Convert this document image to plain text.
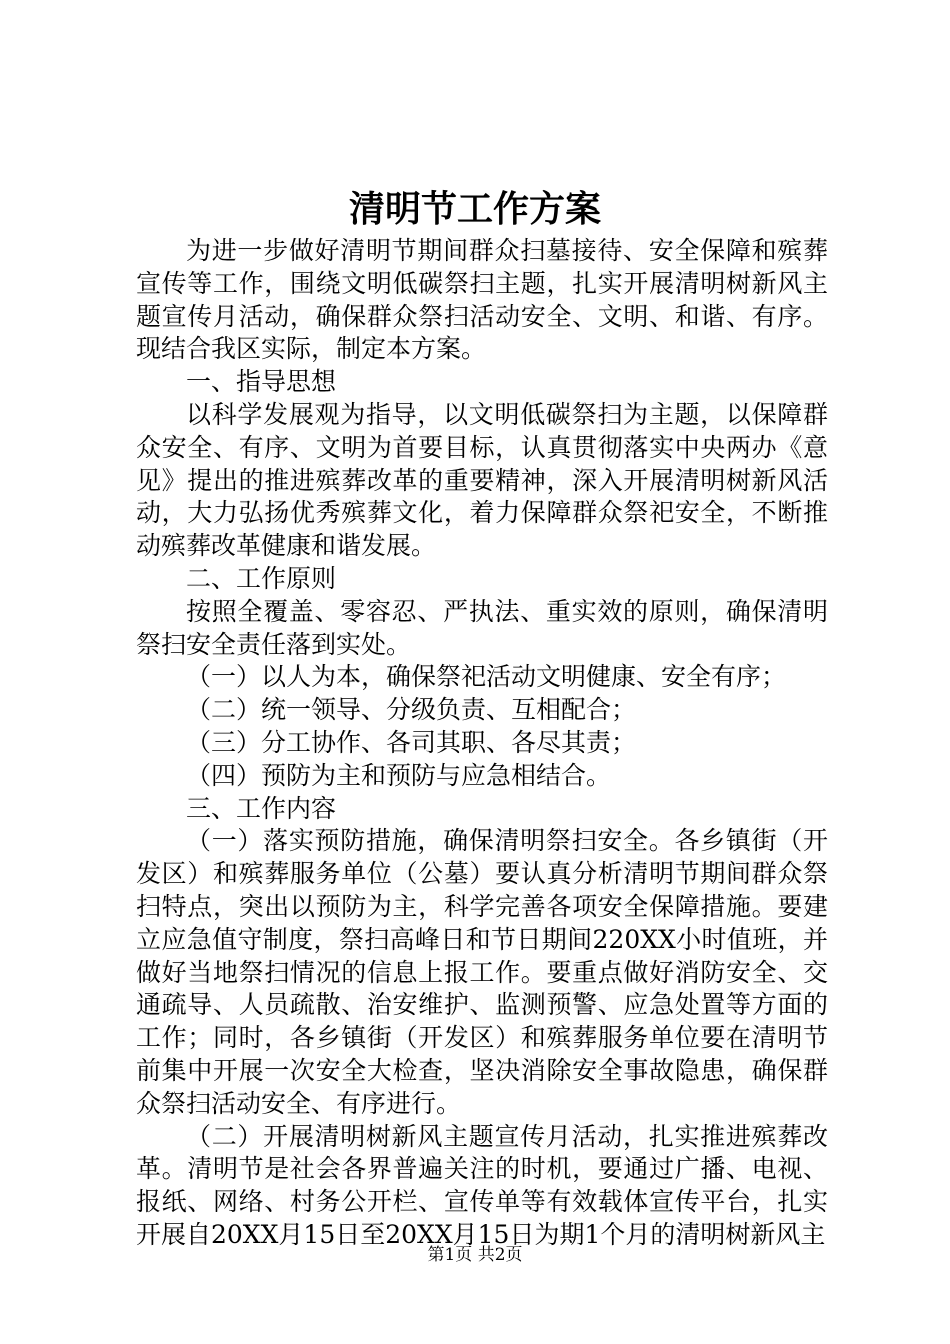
清明节工作方案

为进一步做好清明节期间群众扫墓接待、安全保障和殡葬宣传等工作，围绕文明低碳祭扫主题，扎实开展清明树新风主题宣传月活动，确保群众祭扫活动安全、文明、和谐、有序。现结合我区实际，制定本方案。

一、指导思想

以科学发展观为指导，以文明低碳祭扫为主题，以保障群众安全、有序、文明为首要目标，认真贯彻落实中央两办《意见》提出的推进殡葬改革的重要精神，深入开展清明树新风活动，大力弘扬优秀殡葬文化，着力保障群众祭祀安全，不断推动殡葬改革健康和谐发展。

二、工作原则

按照全覆盖、零容忍、严执法、重实效的原则，确保清明祭扫安全责任落到实处。

（一）以人为本，确保祭祀活动文明健康、安全有序；

（二）统一领导、分级负责、互相配合；

（三）分工协作、各司其职、各尽其责；

（四）预防为主和预防与应急相结合。

三、工作内容

（一）落实预防措施，确保清明祭扫安全。各乡镇街（开发区）和殡葬服务单位（公墓）要认真分析清明节期间群众祭扫特点，突出以预防为主，科学完善各项安全保障措施。要建立应急值守制度，祭扫高峰日和节日期间220XX小时值班，并做好当地祭扫情况的信息上报工作。要重点做好消防安全、交通疏导、人员疏散、治安维护、监测预警、应急处置等方面的工作；同时，各乡镇街（开发区）和殡葬服务单位要在清明节前集中开展一次安全大检查，坚决消除安全事故隐患，确保群众祭扫活动安全、有序进行。

（二）开展清明树新风主题宣传月活动，扎实推进殡葬改革。清明节是社会各界普遍关注的时机，要通过广播、电视、报纸、网络、村务公开栏、宣传单等有效载体宣传平台，扎实开展自20XX月15日至20XX月15日为期1个月的清明树新风主

第1页 共2页
